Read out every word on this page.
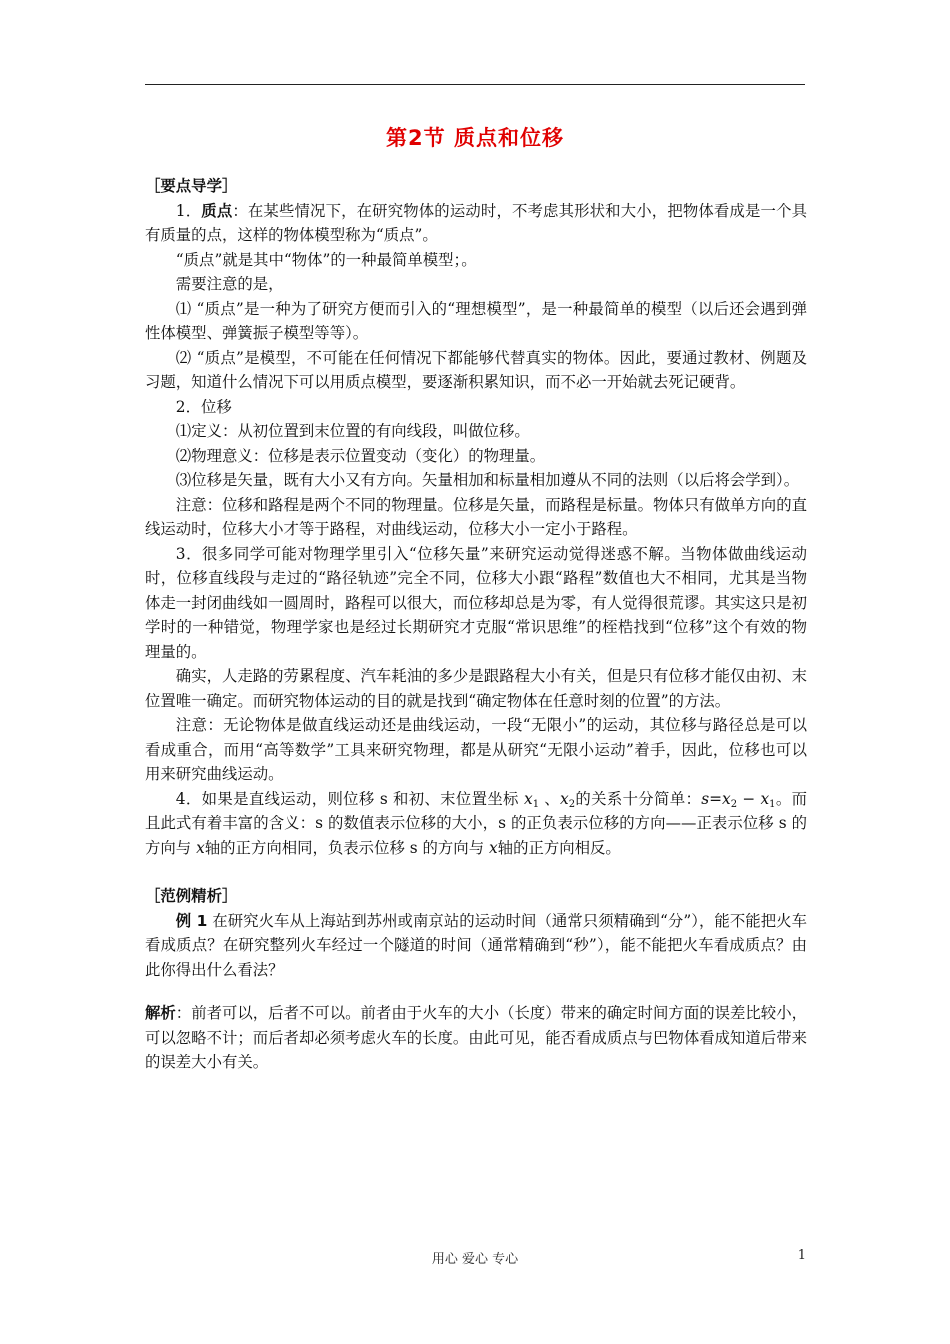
第2节 质点和位移

［要点导学］

1．质点：在某些情况下，在研究物体的运动时，不考虑其形状和大小，把物体看成是一个具有质量的点，这样的物体模型称为“质点”。

“质点”就是其中“物体”的一种最简单模型；。

需要注意的是，

⑴ “质点”是一种为了研究方便而引入的“理想模型”，是一种最简单的模型（以后还会遇到弹性体模型、弹簧振子模型等等）。

⑵ “质点”是模型，不可能在任何情况下都能够代替真实的物体。因此，要通过教材、例题及习题，知道什么情况下可以用质点模型，要逐渐积累知识，而不必一开始就去死记硬背。

2．位移

⑴定义：从初位置到末位置的有向线段，叫做位移。

⑵物理意义：位移是表示位置变动（变化）的物理量。

⑶位移是矢量，既有大小又有方向。矢量相加和标量相加遵从不同的法则（以后将会学到）。

注意：位移和路程是两个不同的物理量。位移是矢量，而路程是标量。物体只有做单方向的直线运动时，位移大小才等于路程，对曲线运动，位移大小一定小于路程。

3．很多同学可能对物理学里引入“位移矢量”来研究运动觉得迷惑不解。当物体做曲线运动时，位移直线段与走过的“路径轨迹”完全不同，位移大小跟“路程”数值也大不相同，尤其是当物体走一封闭曲线如一圆周时，路程可以很大，而位移却总是为零，有人觉得很荒谬。其实这只是初学时的一种错觉，物理学家也是经过长期研究才克服“常识思维”的桎梏找到“位移”这个有效的物理量的。

确实，人走路的劳累程度、汽车耗油的多少是跟路程大小有关，但是只有位移才能仅由初、末位置唯一确定。而研究物体运动的目的就是找到“确定物体在任意时刻的位置”的方法。

注意：无论物体是做直线运动还是曲线运动，一段“无限小”的运动，其位移与路径总是可以看成重合，而用“高等数学”工具来研究物理，都是从研究“无限小运动”着手，因此，位移也可以用来研究曲线运动。

4．如果是直线运动，则位移 s 和初、末位置坐标 $x_1$ 、$x_2$的关系十分简单：$s=x_2 - x_1$。而且此式有着丰富的含义：s 的数值表示位移的大小，s 的正负表示位移的方向——正表示位移 s 的方向与 x轴的正方向相同，负表示位移 s 的方向与 x轴的正方向相反。

［范例精析］

例 1 在研究火车从上海站到苏州或南京站的运动时间（通常只须精确到“分”），能不能把火车看成质点？在研究整列火车经过一个隧道的时间（通常精确到“秒”），能不能把火车看成质点？由此你得出什么看法？

解析：前者可以，后者不可以。前者由于火车的大小（长度）带来的确定时间方面的误差比较小，可以忽略不计；而后者却必须考虑火车的长度。由此可见，能否看成质点与巴物体看成知道后带来的误差大小有关。

用心 爱心 专心	1
